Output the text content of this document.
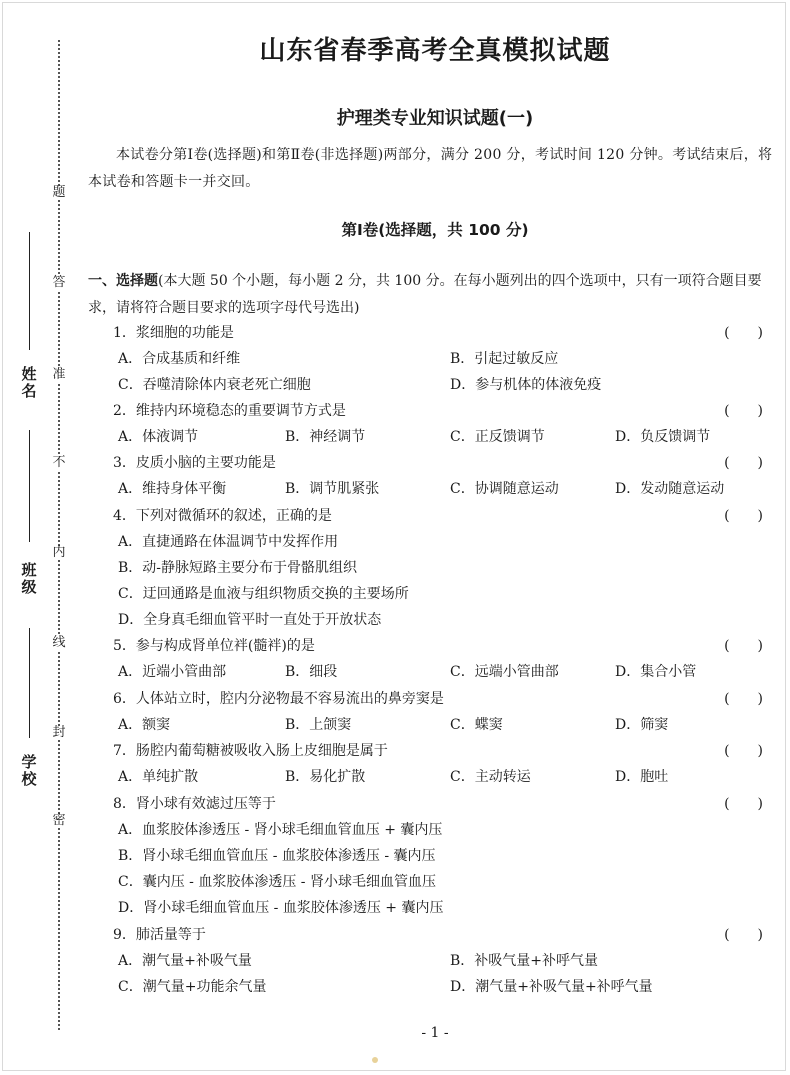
题
答
准
不
内
线
封
密
姓
名
班
级
学
校
山东省春季高考全真模拟试题
护理类专业知识试题(一)
本试卷分第Ⅰ卷(选择题)和第Ⅱ卷(非选择题)两部分，满分 200 分，考试时间 120 分钟。考试结束后，将本试卷和答题卡一并交回。
第Ⅰ卷(选择题，共 100 分)
一、选择题(本大题 50 个小题，每小题 2 分，共 100 分。在每小题列出的四个选项中，只有一项符合题目要求，请将符合题目要求的选项字母代号选出)
1．浆细胞的功能是	(　　)
A．合成基质和纤维	B．引起过敏反应
C．吞噬清除体内衰老死亡细胞	D．参与机体的体液免疫
2．维持内环境稳态的重要调节方式是	(　　)
A．体液调节	B．神经调节	C．正反馈调节	D．负反馈调节
3．皮质小脑的主要功能是	(　　)
A．维持身体平衡	B．调节肌紧张	C．协调随意运动	D．发动随意运动
4．下列对微循环的叙述，正确的是	(　　)
A．直捷通路在体温调节中发挥作用
B．动-静脉短路主要分布于骨骼肌组织
C．迂回通路是血液与组织物质交换的主要场所
D．全身真毛细血管平时一直处于开放状态
5．参与构成肾单位袢(髓袢)的是	(　　)
A．近端小管曲部	B．细段	C．远端小管曲部	D．集合小管
6．人体站立时，腔内分泌物最不容易流出的鼻旁窦是	(　　)
A．额窦	B．上颌窦	C．蝶窦	D．筛窦
7．肠腔内葡萄糖被吸收入肠上皮细胞是属于	(　　)
A．单纯扩散	B．易化扩散	C．主动转运	D．胞吐
8．肾小球有效滤过压等于	(　　)
A．血浆胶体渗透压 - 肾小球毛细血管血压 + 囊内压
B．肾小球毛细血管血压 - 血浆胶体渗透压 - 囊内压
C．囊内压 - 血浆胶体渗透压 - 肾小球毛细血管血压
D．肾小球毛细血管血压 - 血浆胶体渗透压 + 囊内压
9．肺活量等于	(　　)
A．潮气量+补吸气量	B．补吸气量+补呼气量
C．潮气量+功能余气量	D．潮气量+补吸气量+补呼气量
- 1 -
